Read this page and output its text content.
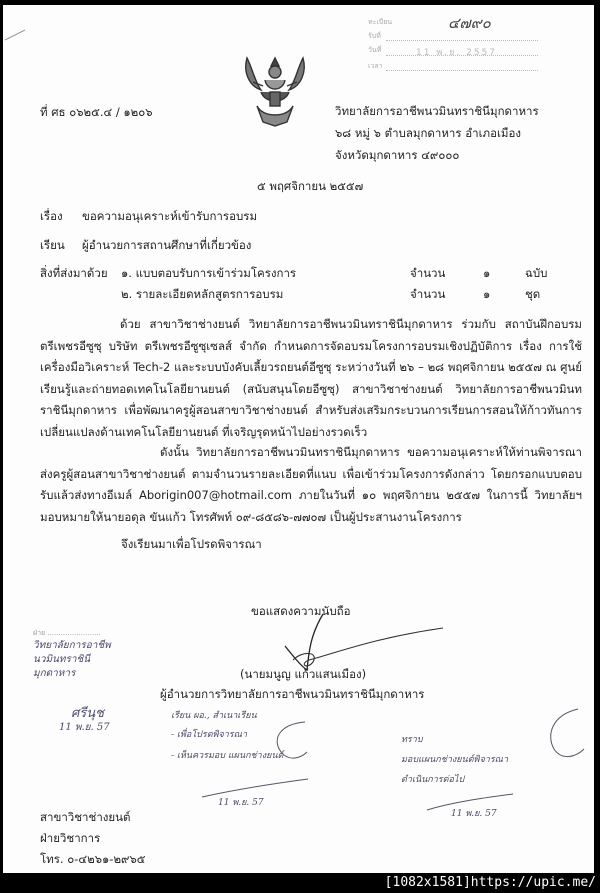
ทะเบียน	๔๗๙๐
รับที่
วันที่	11 พ.ย. 2557
เวลา
ที่ ศธ ๐๖๒๕.๔ / ๑๒๐๖	วิทยาลัยการอาชีพนวมินทราชินีมุกดาหาร
๖๘ หมู่ ๖ ตำบลมุกดาหาร อำเภอเมือง
จังหวัดมุกดาหาร ๔๙๐๐๐
๕ พฤศจิกายน ๒๕๕๗
เรื่อง ขอความอนุเคราะห์เข้ารับการอบรม
เรียน ผู้อำนวยการสถานศึกษาที่เกี่ยวข้อง
สิ่งที่ส่งมาด้วย ๑. แบบตอบรับการเข้าร่วมโครงการ	จำนวน	๑	ฉบับ
๒. รายละเอียดหลักสูตรการอบรม	จำนวน	๑	ชุด
ด้วย สาขาวิชาช่างยนต์ วิทยาลัยการอาชีพนวมินทราชินีมุกดาหาร ร่วมกับ สถาบันฝึกอบรม ตรีเพชรอีซูซุ บริษัท ตรีเพชรอีซูซุเซลส์ จำกัด กำหนดการจัดอบรมโครงการอบรมเชิงปฏิบัติการ เรื่อง การใช้เครื่องมือวิเคราะห์ Tech-2 และระบบบังคับเลี้ยวรถยนต์อีซูซุ ระหว่างวันที่ ๒๖ – ๒๘ พฤศจิกายน ๒๕๕๗ ณ ศูนย์เรียนรู้และถ่ายทอดเทคโนโลยียานยนต์ (สนับสนุนโดยอีซูซุ) สาขาวิชาช่างยนต์ วิทยาลัยการอาชีพนวมินทราชินีมุกดาหาร เพื่อพัฒนาครูผู้สอนสาขาวิชาช่างยนต์ สำหรับส่งเสริมกระบวนการเรียนการสอนให้ก้าวทันการเปลี่ยนแปลงด้านเทคโนโลยียานยนต์ ที่เจริญรุดหน้าไปอย่างรวดเร็ว
ดังนั้น วิทยาลัยการอาชีพนวมินทราชินีมุกดาหาร ขอความอนุเคราะห์ให้ท่านพิจารณาส่งครูผู้สอนสาขาวิชาช่างยนต์ ตามจำนวนรายละเอียดที่แนบ เพื่อเข้าร่วมโครงการดังกล่าว โดยกรอกแบบตอบรับแล้วส่งทางอีเมล์ Aborigin007@hotmail.com ภายในวันที่ ๑๐ พฤศจิกายน ๒๕๕๗ ในการนี้ วิทยาลัยฯ มอบหมายให้นายอดุล ขันแก้ว โทรศัพท์ ๐๙-๘๕๘๖-๗๗๐๗ เป็นผู้ประสานงานโครงการ
จึงเรียนมาเพื่อโปรดพิจารณา
ขอแสดงความนับถือ
(นายมนูญ แก้วแสนเมือง)
ผู้อำนวยการวิทยาลัยการอาชีพนวมินทราชินีมุกดาหาร
ฝ่าย ........................
วิทยาลัยการอาชีพ
นวมินทราชินี
มุกดาหาร
ศรีนุช
11 พ.ย. 57
เรียน ผอ., สำเนาเรียน
- เพื่อโปรดพิจารณา
- เห็นควรมอบ แผนกช่างยนต์
11 พ.ย. 57
ทราบ
มอบแผนกช่างยนต์พิจารณา
ดำเนินการต่อไป
11 พ.ย. 57
สาขาวิชาช่างยนต์
ฝ่ายวิชาการ
โทร. ๐-๔๒๖๑-๒๙๖๕
[1082x1581]https://upic.me/
